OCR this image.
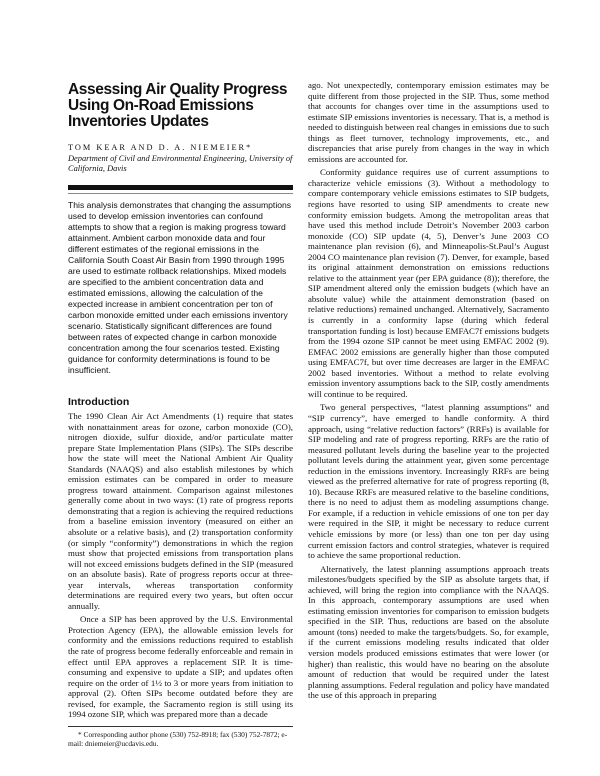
Assessing Air Quality Progress Using On-Road Emissions Inventories Updates
TOM KEAR AND D. A. NIEMEIER*
Department of Civil and Environmental Engineering, University of California, Davis
This analysis demonstrates that changing the assumptions used to develop emission inventories can confound attempts to show that a region is making progress toward attainment. Ambient carbon monoxide data and four different estimates of the regional emissions in the California South Coast Air Basin from 1990 through 1995 are used to estimate rollback relationships. Mixed models are specified to the ambient concentration data and estimated emissions, allowing the calculation of the expected increase in ambient concentration per ton of carbon monoxide emitted under each emissions inventory scenario. Statistically significant differences are found between rates of expected change in carbon monoxide concentration among the four scenarios tested. Existing guidance for conformity determinations is found to be insufficient.
Introduction

The 1990 Clean Air Act Amendments (1) require that states with nonattainment areas for ozone, carbon monoxide (CO), nitrogen dioxide, sulfur dioxide, and/or particulate matter prepare State Implementation Plans (SIPs). The SIPs describe how the state will meet the National Ambient Air Quality Standards (NAAQS) and also establish milestones by which emission estimates can be compared in order to measure progress toward attainment. Comparison against milestones generally come about in two ways: (1) rate of progress reports demonstrating that a region is achieving the required reductions from a baseline emission inventory (measured on either an absolute or a relative basis), and (2) transportation conformity (or simply “conformity”) demonstrations in which the region must show that projected emissions from transportation plans will not exceed emissions budgets defined in the SIP (measured on an absolute basis). Rate of progress reports occur at three-year intervals, whereas transportation conformity determinations are required every two years, but often occur annually.

Once a SIP has been approved by the U.S. Environmental Protection Agency (EPA), the allowable emission levels for conformity and the emissions reductions required to establish the rate of progress become federally enforceable and remain in effect until EPA approves a replacement SIP. It is time-consuming and expensive to update a SIP; and updates often require on the order of 1½ to 3 or more years from initiation to approval (2). Often SIPs become outdated before they are revised, for example, the Sacramento region is still using its 1994 ozone SIP, which was prepared more than a decade

* Corresponding author phone (530) 752-8918; fax (530) 752-7872; e-mail: dniemeier@ucdavis.edu.

ago. Not unexpectedly, contemporary emission estimates may be quite different from those projected in the SIP. Thus, some method that accounts for changes over time in the assumptions used to estimate SIP emissions inventories is necessary. That is, a method is needed to distinguish between real changes in emissions due to such things as fleet turnover, technology improvements, etc., and discrepancies that arise purely from changes in the way in which emissions are accounted for.

Conformity guidance requires use of current assumptions to characterize vehicle emissions (3). Without a methodology to compare contemporary vehicle emissions estimates to SIP budgets, regions have resorted to using SIP amendments to create new conformity emission budgets. Among the metropolitan areas that have used this method include Detroit’s November 2003 carbon monoxide (CO) SIP update (4, 5), Denver’s June 2003 CO maintenance plan revision (6), and Minneapolis-St.Paul’s August 2004 CO maintenance plan revision (7). Denver, for example, based its original attainment demonstration on emissions reductions relative to the attainment year (per EPA guidance (8)); therefore, the SIP amendment altered only the emission budgets (which have an absolute value) while the attainment demonstration (based on relative reductions) remained unchanged. Alternatively, Sacramento is currently in a conformity lapse (during which federal transportation funding is lost) because EMFAC7f emissions budgets from the 1994 ozone SIP cannot be meet using EMFAC 2002 (9). EMFAC 2002 emissions are generally higher than those computed using EMFAC7f, but over time decreases are larger in the EMFAC 2002 based inventories. Without a method to relate evolving emission inventory assumptions back to the SIP, costly amendments will continue to be required.

Two general perspectives, “latest planning assumptions” and “SIP currency”, have emerged to handle conformity. A third approach, using “relative reduction factors” (RRFs) is available for SIP modeling and rate of progress reporting. RRFs are the ratio of measured pollutant levels during the baseline year to the projected pollutant levels during the attainment year, given some percentage reduction in the emissions inventory. Increasingly RRFs are being viewed as the preferred alternative for rate of progress reporting (8, 10). Because RRFs are measured relative to the baseline conditions, there is no need to adjust them as modeling assumptions change. For example, if a reduction in vehicle emissions of one ton per day were required in the SIP, it might be necessary to reduce current vehicle emissions by more (or less) than one ton per day using current emission factors and control strategies, whatever is required to achieve the same proportional reduction.

Alternatively, the latest planning assumptions approach treats milestones/budgets specified by the SIP as absolute targets that, if achieved, will bring the region into compliance with the NAAQS. In this approach, contemporary assumptions are used when estimating emission inventories for comparison to emission budgets specified in the SIP. Thus, reductions are based on the absolute amount (tons) needed to make the targets/budgets. So, for example, if the current emissions modeling results indicated that older version models produced emissions estimates that were lower (or higher) than realistic, this would have no bearing on the absolute amount of reduction that would be required under the latest planning assumptions. Federal regulation and policy have mandated the use of this approach in preparing
